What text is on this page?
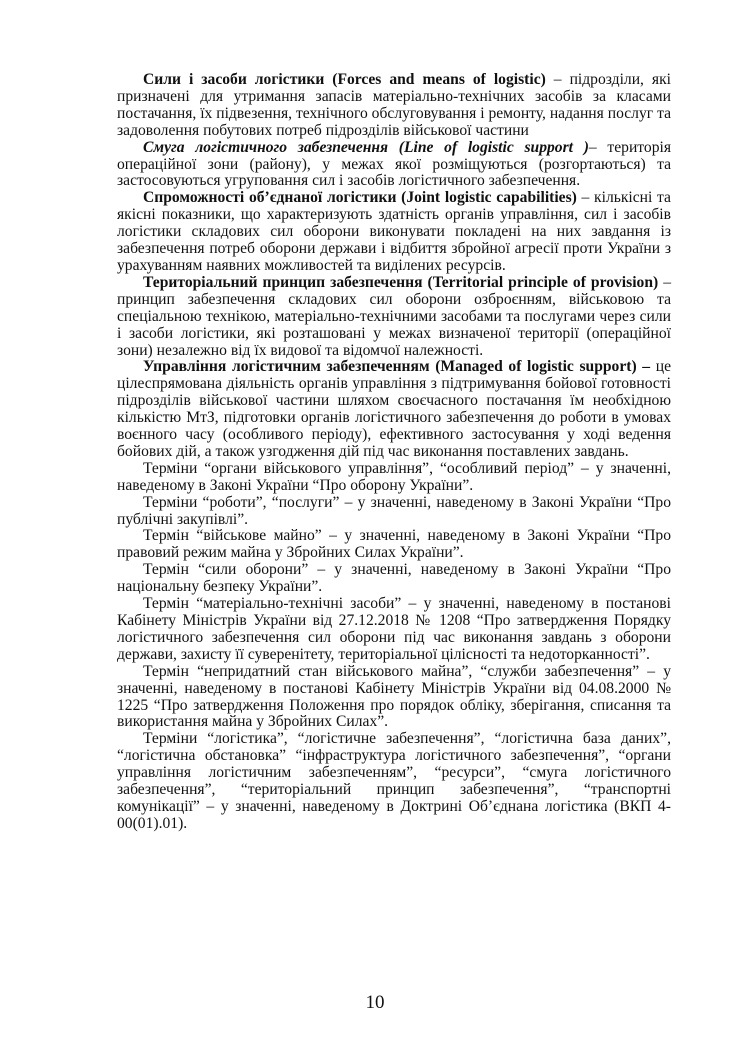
Сили і засоби логістики (Forces and means of logistic) – підрозділи, які призначені для утримання запасів матеріально-технічних засобів за класами постачання, їх підвезення, технічного обслуговування і ремонту, надання послуг та задоволення побутових потреб підрозділів військової частини

Смуга логістичного забезпечення (Line of logistic support )– територія операційної зони (району), у межах якої розміщуються (розгортаються) та застосовуються угруповання сил і засобів логістичного забезпечення.

Спроможності об’єднаної логістики (Joint logistic capabilities) – кількісні та якісні показники, що характеризують здатність органів управління, сил і засобів логістики складових сил оборони виконувати покладені на них завдання із забезпечення потреб оборони держави і відбиття збройної агресії проти України з урахуванням наявних можливостей та виділених ресурсів.

Територіальний принцип забезпечення (Territorial principle of provision) – принцип забезпечення складових сил оборони озброєнням, військовою та спеціальною технікою, матеріально-технічними засобами та послугами через сили і засоби логістики, які розташовані у межах визначеної території (операційної зони) незалежно від їх видової та відомчої належності.

Управління логістичним забезпеченням (Managed of logistic support) – це цілеспрямована діяльність органів управління з підтримування бойової готовності підрозділів військової частини шляхом своєчасного постачання їм необхідною кількістю МтЗ, підготовки органів логістичного забезпечення до роботи в умовах воєнного часу (особливого періоду), ефективного застосування у ході ведення бойових дій, а також узгодження дій під час виконання поставлених завдань.

Терміни “органи військового управління”, “особливий період” – у значенні, наведеному в Законі України “Про оборону України”.

Терміни “роботи”, “послуги” – у значенні, наведеному в Законі України “Про публічні закупівлі”.

Термін “військове майно” – у значенні, наведеному в Законі України “Про правовий режим майна у Збройних Силах України”.

Термін “сили оборони” – у значенні, наведеному в Законі України “Про національну безпеку України”.

Термін “матеріально-технічні засоби” – у значенні, наведеному в постанові Кабінету Міністрів України від 27.12.2018 № 1208 “Про затвердження Порядку логістичного забезпечення сил оборони під час виконання завдань з оборони держави, захисту її суверенітету, територіальної цілісності та недоторканності”.

Термін “непридатний стан військового майна”, “служби забезпечення” – у значенні, наведеному в постанові Кабінету Міністрів України від 04.08.2000 № 1225 “Про затвердження Положення про порядок обліку, зберігання, списання та використання майна у Збройних Силах”.

Терміни “логістика”, “логістичне забезпечення”, “логістична база даних”, “логістична обстановка” “інфраструктура логістичного забезпечення”, “органи управління логістичним забезпеченням”, “ресурси”, “смуга логістичного забезпечення”, “територіальний принцип забезпечення”, “транспортні комунікації” – у значенні, наведеному в Доктрині Об’єднана логістика (ВКП 4-00(01).01).

10
